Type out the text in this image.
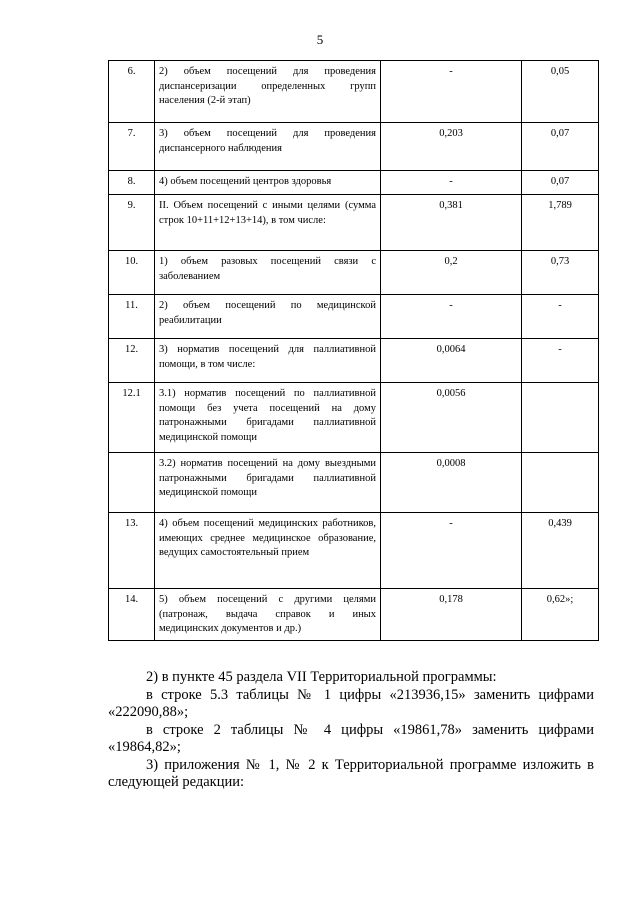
5
6.	2) объем посещений для проведения диспансеризации определенных групп населения (2-й этап)	-	0,05
7.	3) объем посещений для проведения диспансерного наблюдения	0,203	0,07
8.	4) объем посещений центров здоровья	-	0,07
9.	II. Объем посещений с иными целями (сумма строк 10+11+12+13+14), в том числе:	0,381	1,789
10.	1) объем разовых посещений связи с заболеванием	0,2	0,73
11.	2) объем посещений по медицинской реабилитации	-	-
12.	3) норматив посещений для паллиативной помощи, в том числе:	0,0064	-
12.1	3.1) норматив посещений по паллиативной помощи без учета посещений на дому патронажными бригадами паллиативной медицинской помощи	0,0056	
	3.2) норматив посещений на дому выездными патронажными бригадами паллиативной медицинской помощи	0,0008	
13.	4) объем посещений медицинских работников, имеющих среднее медицинское образование, ведущих самостоятельный прием	-	0,439
14.	5) объем посещений с другими целями (патронаж, выдача справок и иных медицинских документов и др.)	0,178	0,62»;

2) в пункте 45 раздела VII Территориальной программы:

в строке 5.3 таблицы № 1 цифры «213936,15» заменить цифрами «222090,88»;

в строке 2 таблицы № 4 цифры «19861,78» заменить цифрами «19864,82»;

3) приложения № 1, № 2 к Территориальной программе изложить в следующей редакции:
